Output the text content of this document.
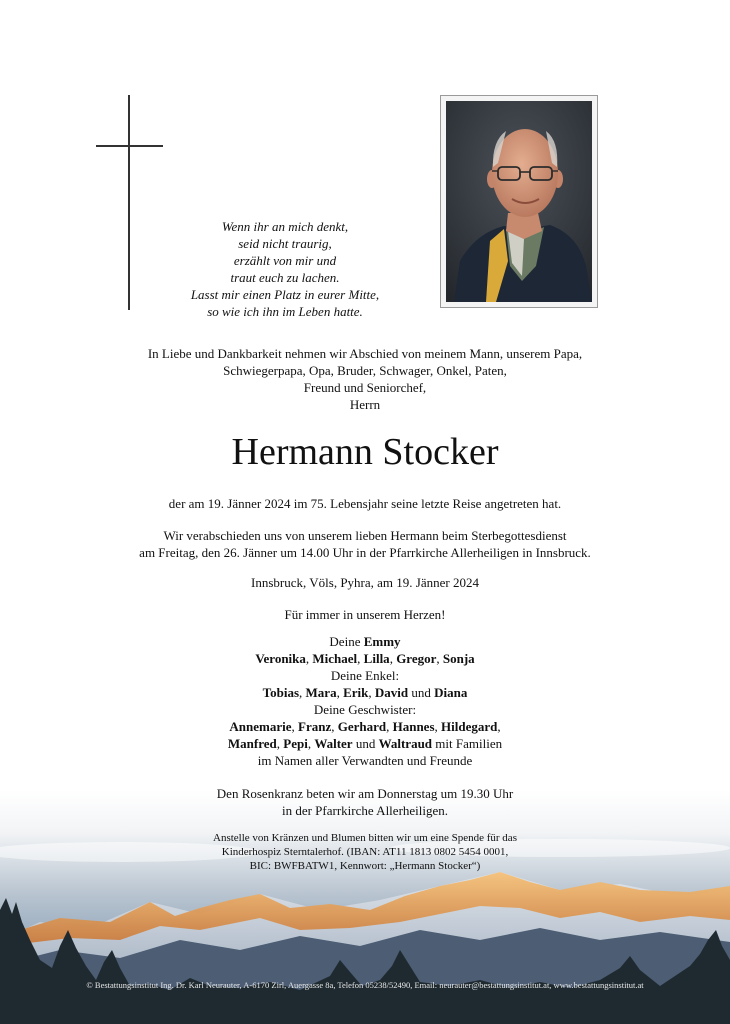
Wenn ihr an mich denkt,
seid nicht traurig,
erzählt von mir und
traut euch zu lachen.
Lasst mir einen Platz in eurer Mitte,
so wie ich ihn im Leben hatte.
In Liebe und Dankbarkeit nehmen wir Abschied von meinem Mann, unserem Papa,
Schwiegerpapa, Opa, Bruder, Schwager, Onkel, Paten,
Freund und Seniorchef,
Herrn
Hermann Stocker
der am 19. Jänner 2024 im 75. Lebensjahr seine letzte Reise angetreten hat.
Wir verabschieden uns von unserem lieben Hermann beim Sterbegottesdienst
am Freitag, den 26. Jänner um 14.00 Uhr in der Pfarrkirche Allerheiligen in Innsbruck.
Innsbruck, Völs, Pyhra, am 19. Jänner 2024
Für immer in unserem Herzen!
Deine Emmy
Veronika, Michael, Lilla, Gregor, Sonja
Deine Enkel:
Tobias, Mara, Erik, David und Diana
Deine Geschwister:
Annemarie, Franz, Gerhard, Hannes, Hildegard,
Manfred, Pepi, Walter und Waltraud mit Familien
im Namen aller Verwandten und Freunde
Den Rosenkranz beten wir am Donnerstag um 19.30 Uhr
in der Pfarrkirche Allerheiligen.
Anstelle von Kränzen und Blumen bitten wir um eine Spende für das
Kinderhospiz Sterntalerhof. (IBAN: AT11 1813 0802 5454 0001,
BIC: BWFBATW1, Kennwort: „Hermann Stocker“)
© Bestattungsinstitut Ing. Dr. Karl Neurauter, A-6170 Zirl, Auergasse 8a, Telefon 05238/52490, Email: neurauter@bestattungsinstitut.at, www.bestattungsinstitut.at
